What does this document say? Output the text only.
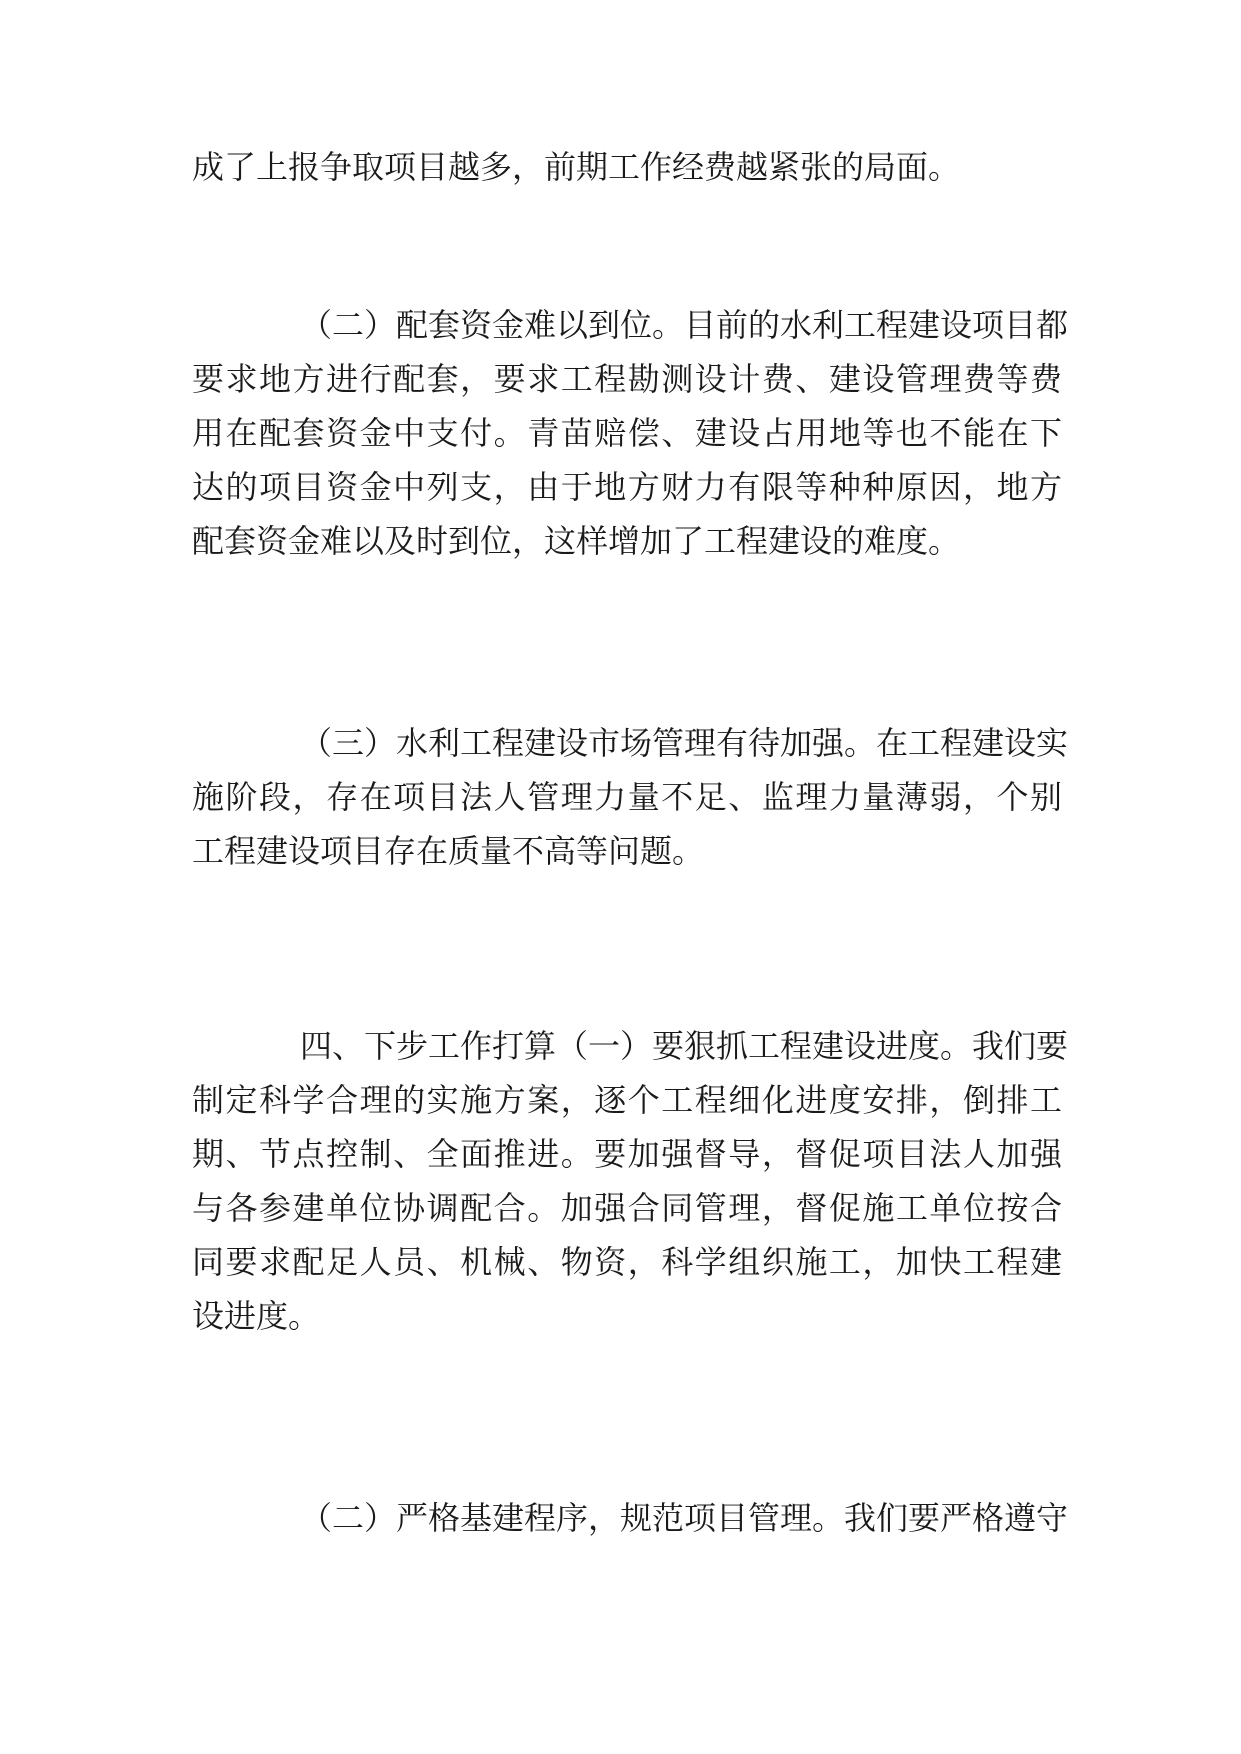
成了上报争取项目越多，前期工作经费越紧张的局面。
（二）配套资金难以到位。目前的水利工程建设项目都
要求地方进行配套，要求工程勘测设计费、建设管理费等费
用在配套资金中支付。青苗赔偿、建设占用地等也不能在下
达的项目资金中列支，由于地方财力有限等种种原因，地方
配套资金难以及时到位，这样增加了工程建设的难度。
（三）水利工程建设市场管理有待加强。在工程建设实
施阶段，存在项目法人管理力量不足、监理力量薄弱，个别
工程建设项目存在质量不高等问题。
四、下步工作打算（一）要狠抓工程建设进度。我们要
制定科学合理的实施方案，逐个工程细化进度安排，倒排工
期、节点控制、全面推进。要加强督导，督促项目法人加强
与各参建单位协调配合。加强合同管理，督促施工单位按合
同要求配足人员、机械、物资，科学组织施工，加快工程建
设进度。
（二）严格基建程序，规范项目管理。我们要严格遵守
